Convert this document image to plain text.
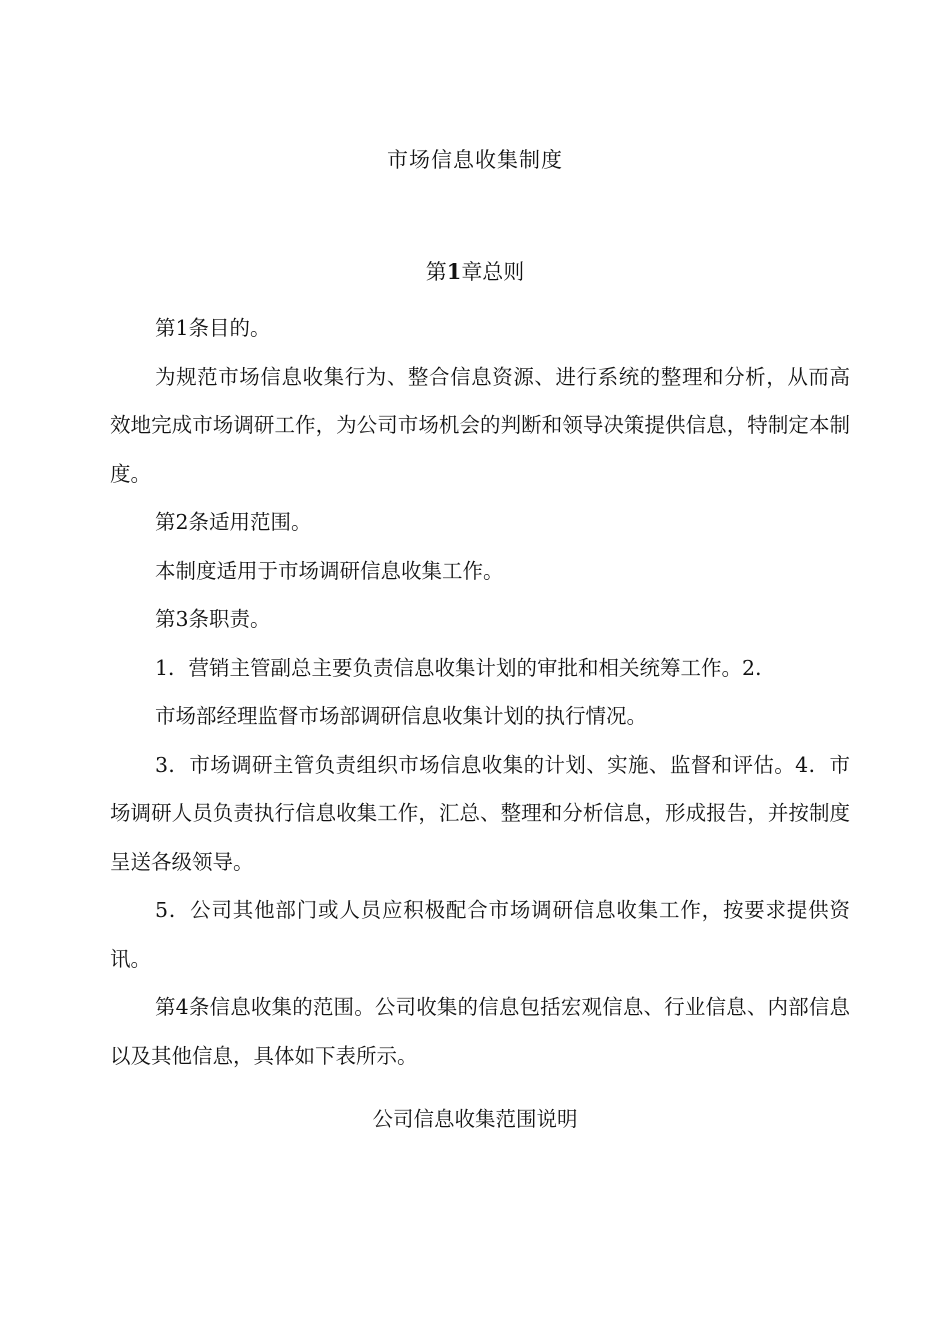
市场信息收集制度
第1章总则

第1条目的。

为规范市场信息收集行为、整合信息资源、进行系统的整理和分析，从而高效地完成市场调研工作，为公司市场机会的判断和领导决策提供信息，特制定本制度。

第2条适用范围。

本制度适用于市场调研信息收集工作。

第3条职责。

1．营销主管副总主要负责信息收集计划的审批和相关统筹工作。2．

市场部经理监督市场部调研信息收集计划的执行情况。

3．市场调研主管负责组织市场信息收集的计划、实施、监督和评估。4．市场调研人员负责执行信息收集工作，汇总、整理和分析信息，形成报告，并按制度呈送各级领导。

5．公司其他部门或人员应积极配合市场调研信息收集工作，按要求提供资讯。

第4条信息收集的范围。公司收集的信息包括宏观信息、行业信息、内部信息以及其他信息，具体如下表所示。

公司信息收集范围说明
